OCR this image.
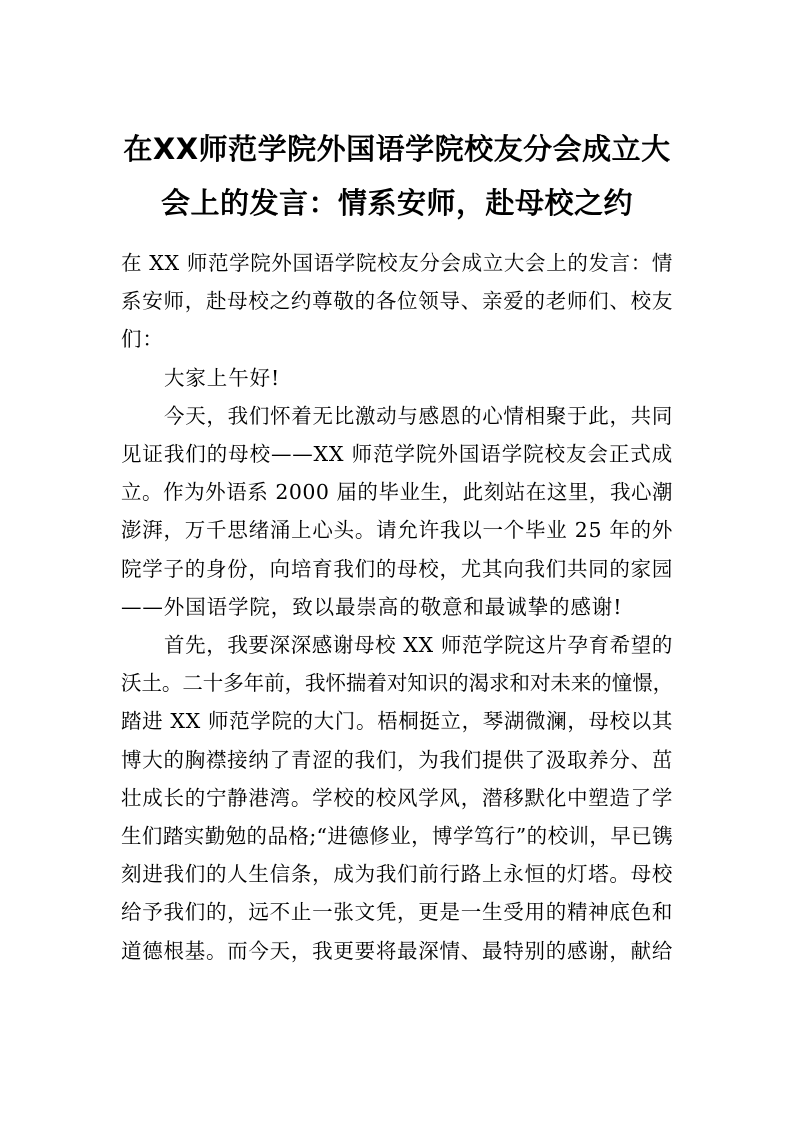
在XX师范学院外国语学院校友分会成立大
会上的发言：情系安师，赴母校之约

在 XX 师范学院外国语学院校友分会成立大会上的发言：情
系安师，赴母校之约尊敬的各位领导、亲爱的老师们、校友
们：

大家上午好!

今天，我们怀着无比激动与感恩的心情相聚于此，共同
见证我们的母校——XX 师范学院外国语学院校友会正式成
立。作为外语系 2000 届的毕业生，此刻站在这里，我心潮
澎湃，万千思绪涌上心头。请允许我以一个毕业 25 年的外
院学子的身份，向培育我们的母校，尤其向我们共同的家园
——外国语学院，致以最崇高的敬意和最诚挚的感谢!

首先，我要深深感谢母校 XX 师范学院这片孕育希望的
沃土。二十多年前，我怀揣着对知识的渴求和对未来的憧憬，
踏进 XX 师范学院的大门。梧桐挺立，琴湖微澜，母校以其
博大的胸襟接纳了青涩的我们，为我们提供了汲取养分、茁
壮成长的宁静港湾。学校的校风学风，潜移默化中塑造了学
生们踏实勤勉的品格;“进德修业，博学笃行”的校训，早已镌
刻进我们的人生信条，成为我们前行路上永恒的灯塔。母校
给予我们的，远不止一张文凭，更是一生受用的精神底色和
道德根基。而今天，我更要将最深情、最特别的感谢，献给
